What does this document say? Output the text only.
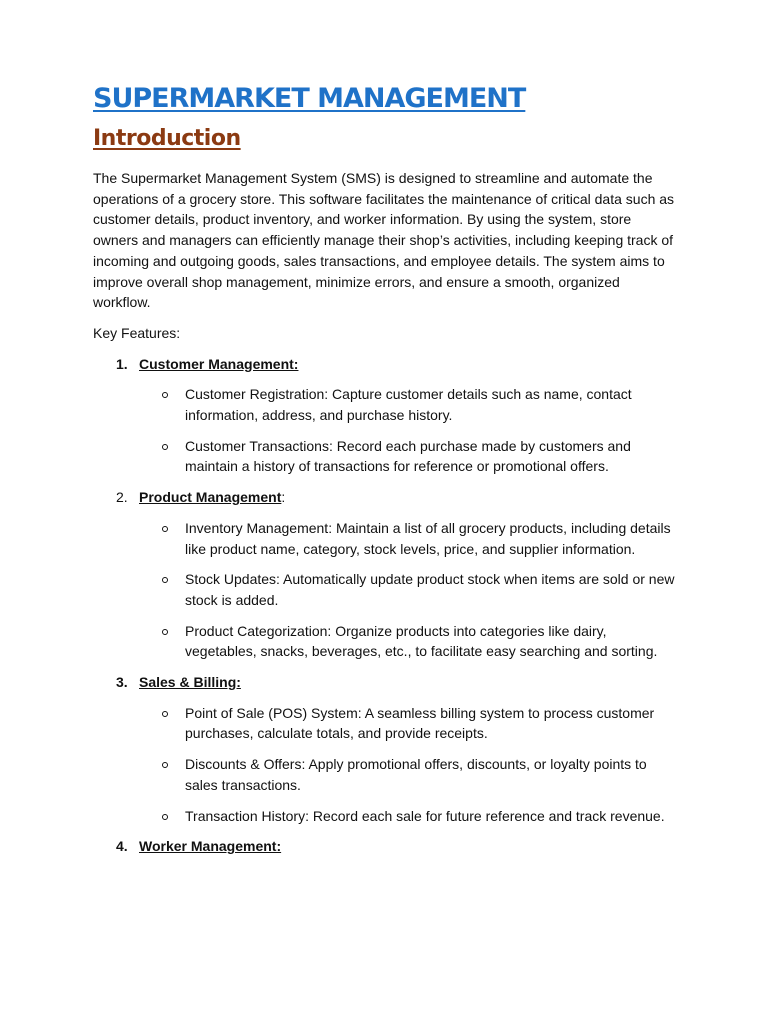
SUPERMARKET MANAGEMENT
Introduction

The Supermarket Management System (SMS) is designed to streamline and automate the operations of a grocery store. This software facilitates the maintenance of critical data such as customer details, product inventory, and worker information. By using the system, store owners and managers can efficiently manage their shop’s activities, including keeping track of incoming and outgoing goods, sales transactions, and employee details. The system aims to improve overall shop management, minimize errors, and ensure a smooth, organized workflow.

Key Features:

1. Customer Management:
Customer Registration: Capture customer details such as name, contact information, address, and purchase history.
Customer Transactions: Record each purchase made by customers and maintain a history of transactions for reference or promotional offers.
2. Product Management:
Inventory Management: Maintain a list of all grocery products, including details like product name, category, stock levels, price, and supplier information.
Stock Updates: Automatically update product stock when items are sold or new stock is added.
Product Categorization: Organize products into categories like dairy, vegetables, snacks, beverages, etc., to facilitate easy searching and sorting.
3. Sales & Billing:
Point of Sale (POS) System: A seamless billing system to process customer purchases, calculate totals, and provide receipts.
Discounts & Offers: Apply promotional offers, discounts, or loyalty points to sales transactions.
Transaction History: Record each sale for future reference and track revenue.
4. Worker Management:
